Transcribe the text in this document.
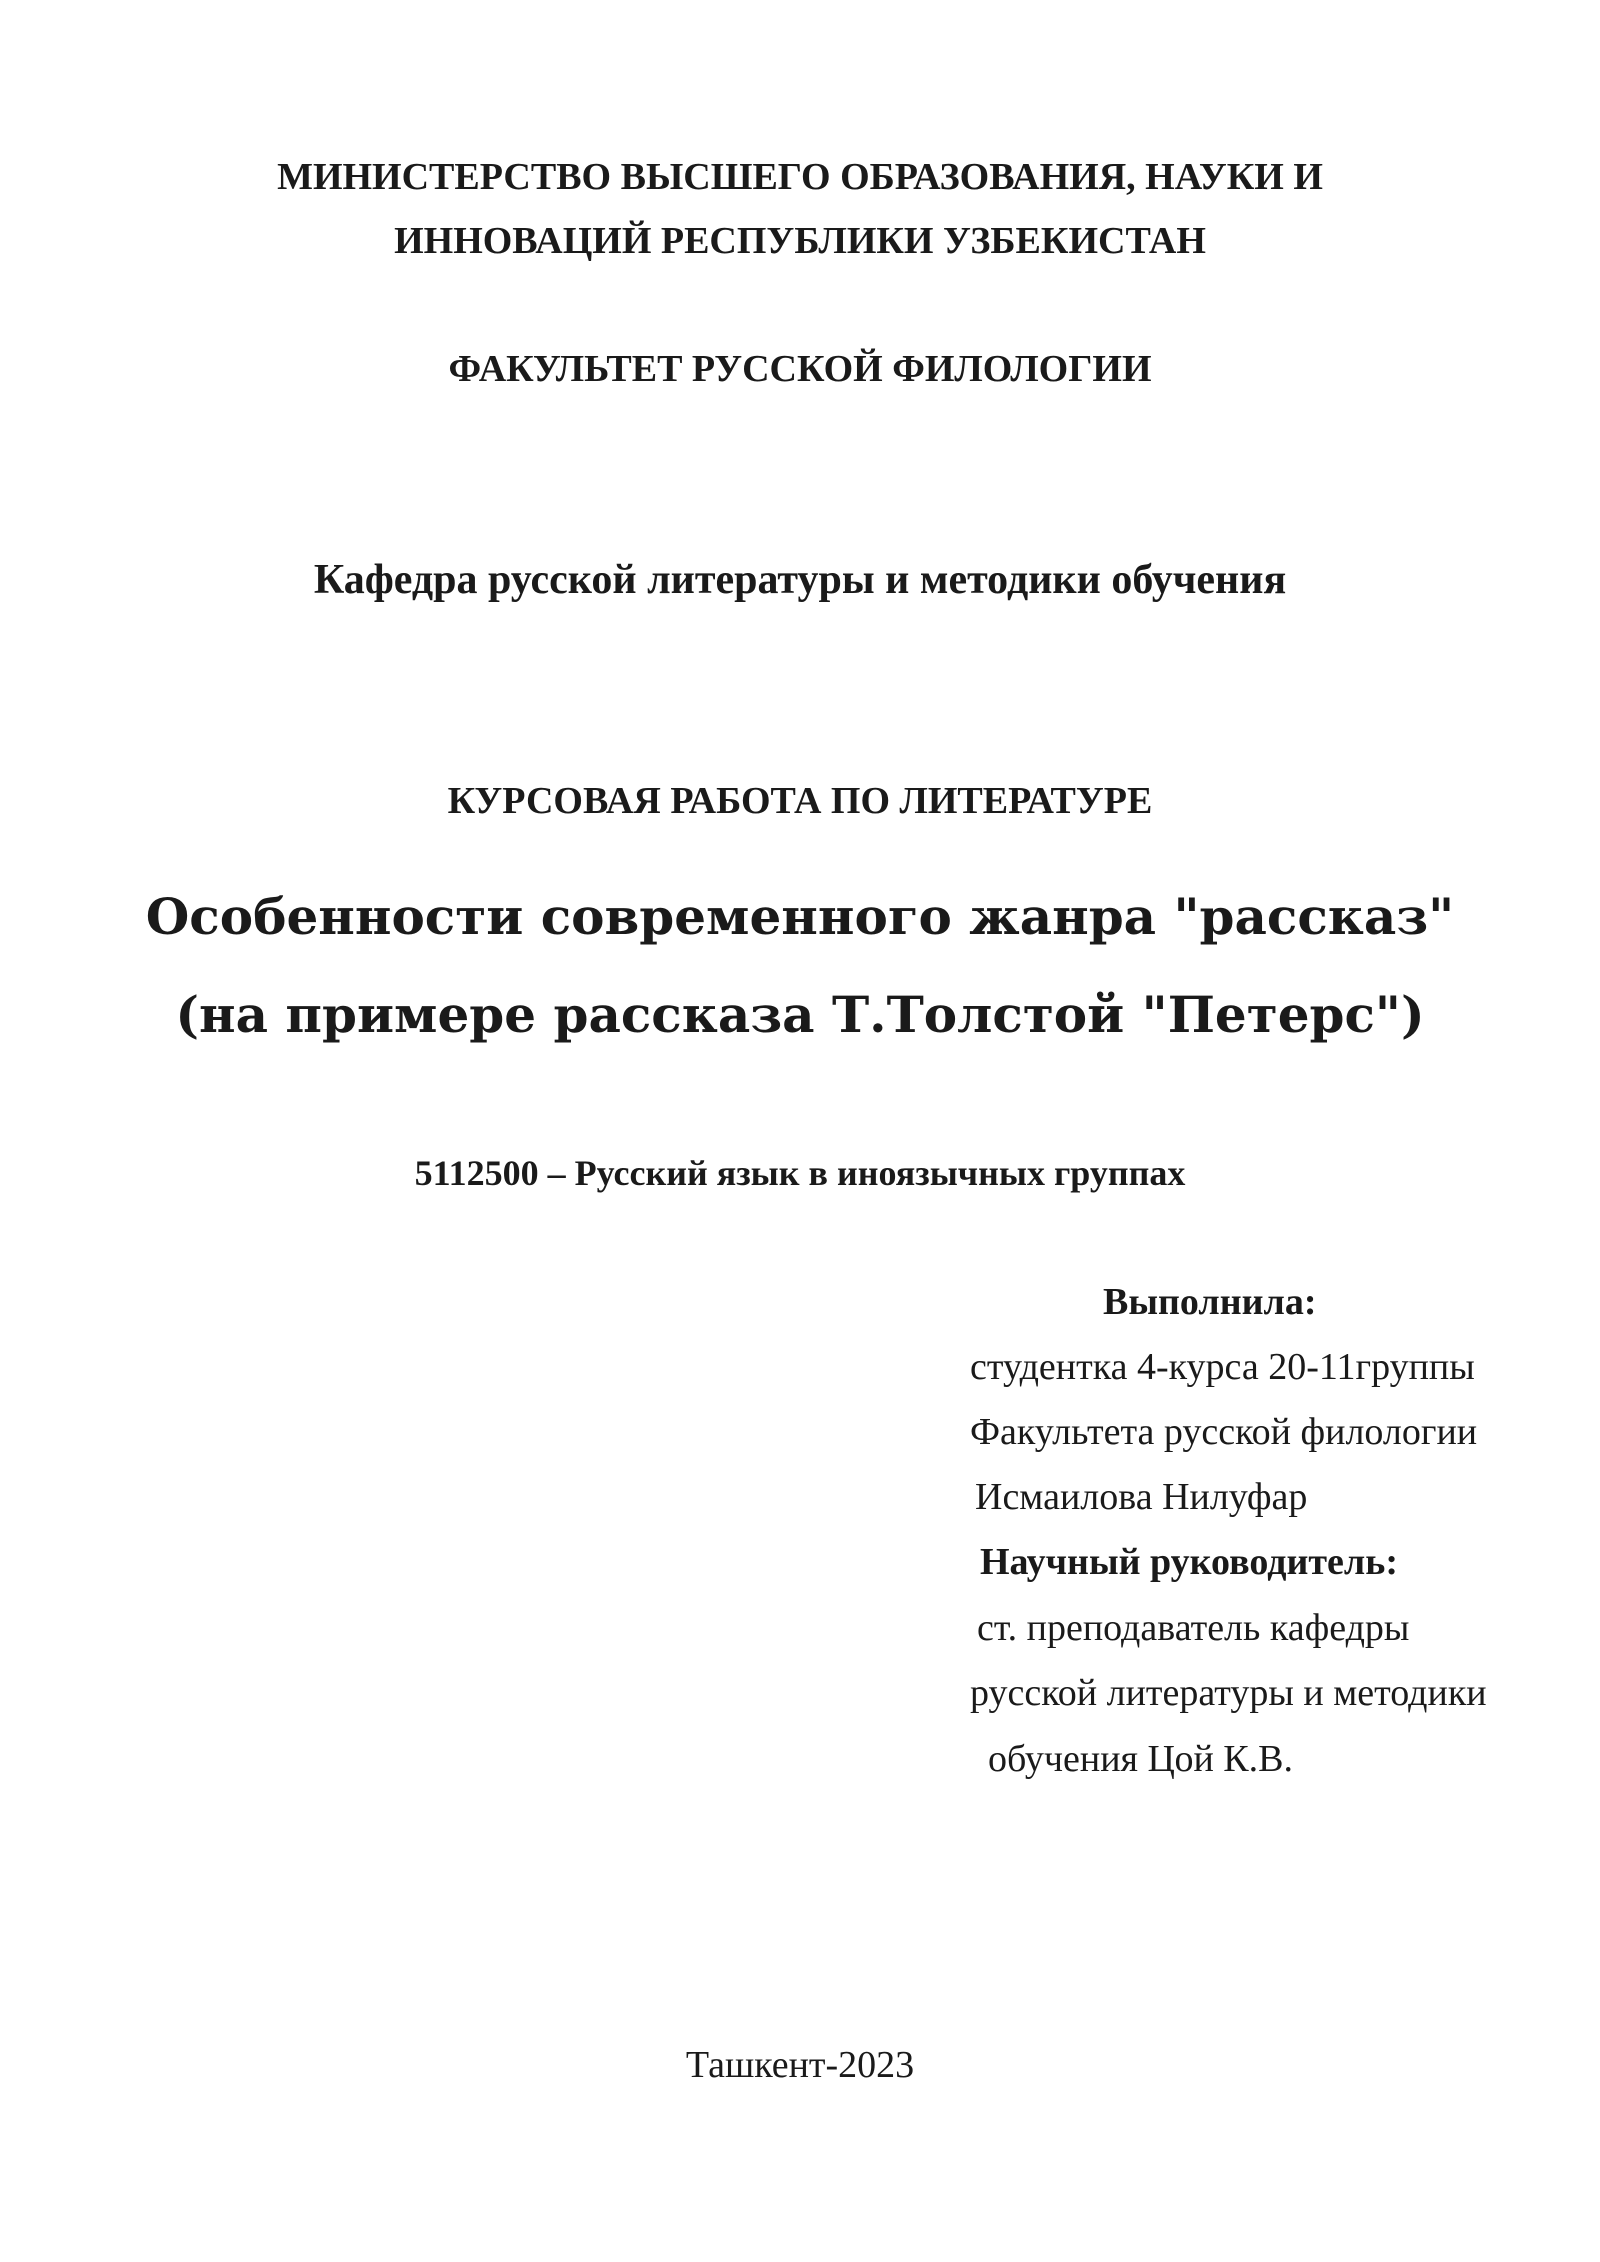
МИНИСТЕРСТВО ВЫСШЕГО ОБРАЗОВАНИЯ, НАУКИ И
ИННОВАЦИЙ РЕСПУБЛИКИ УЗБЕКИСТАН
ФАКУЛЬТЕТ РУССКОЙ ФИЛОЛОГИИ
Кафедра русской литературы и методики обучения
КУРСОВАЯ РАБОТА ПО ЛИТЕРАТУРЕ
Особенности современного жанра "рассказ"
(на примере рассказа Т.Толстой "Петерс")
5112500 – Русский язык в иноязычных группах
Выполнила:
студентка 4-курса 20-11группы
Факультета русской филологии
Исмаилова Нилуфар
Научный руководитель:
ст. преподаватель кафедры
русской литературы и методики
обучения Цой К.В.
Ташкент-2023
